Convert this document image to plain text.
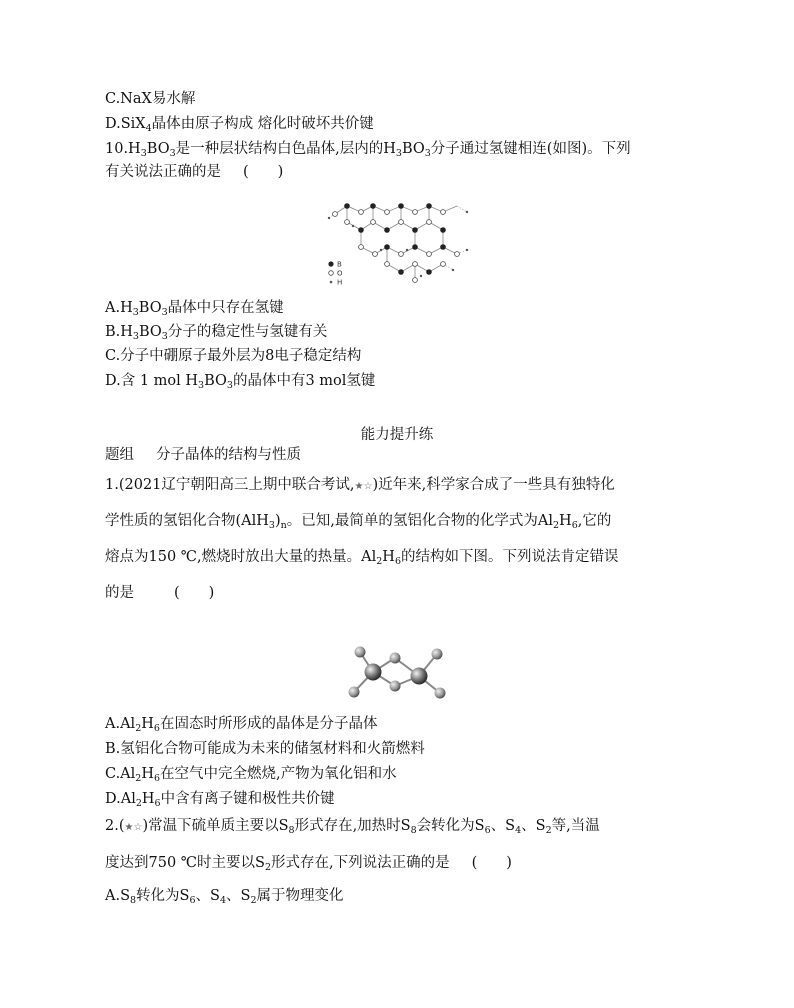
C.NaX易水解
D.SiX$_4$晶体由原子构成 熔化时破坏共价键
$10.H_3BO_3$是一种层状结构白色晶体,层内的$H_3BO_3$分子通过氢键相连(如图)。下列
有关说法正确的是 (　　)
B
O
H
$A.H_3BO_3$晶体中只存在氢键
$B.H_3BO_3$分子的稳定性与氢键有关
C.分子中硼原子最外层为8电子稳定结构
D.含 1 mol $H_3BO_3$的晶体中有3 mol氢键
能力提升练
题组 分子晶体的结构与性质
1.(2021辽宁朝阳高三上期中联合考试,★☆)近年来,科学家合成了一些具有独特化
学性质的氢铝化合物$(AlH_3)_n$。已知,最简单的氢铝化合物的化学式为$Al_2H_6$,它的
熔点为150 ℃,燃烧时放出大量的热量。$Al_2H_6$的结构如下图。下列说法肯定错误
的是	(　　)
$A.Al_2H_6$在固态时所形成的晶体是分子晶体
B.氢铝化合物可能成为未来的储氢材料和火箭燃料
$C.Al_2H_6$在空气中完全燃烧,产物为氧化铝和水
$D.Al_2H_6$中含有离子键和极性共价键
2.(★☆)常温下硫单质主要以$S_8$形式存在,加热时$S_8$会转化为$S_6$、$S_4$、$S_2$等,当温
度达到750 ℃时主要以$S_2$形式存在,下列说法正确的是 (　　)
$A.S_8$转化为$S_6$、$S_4$、$S_2$属于物理变化
